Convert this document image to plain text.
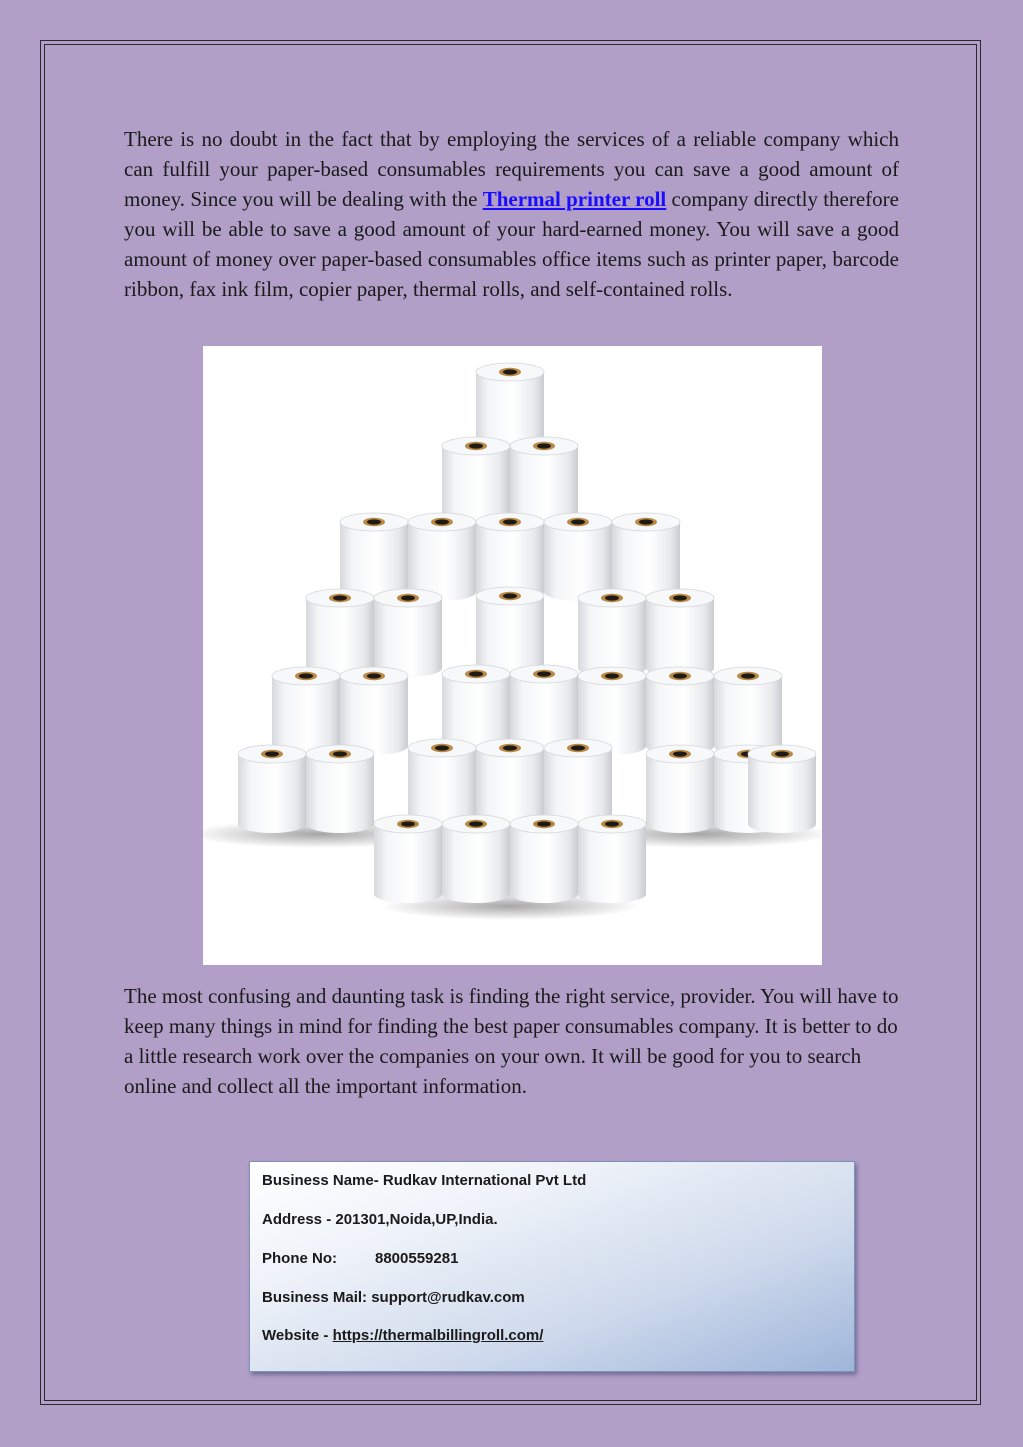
There is no doubt in the fact that by employing the services of a reliable company which can fulfill your paper-based consumables requirements you can save a good amount of money. Since you will be dealing with the Thermal printer roll company directly therefore you will be able to save a good amount of your hard-earned money. You will save a good amount of money over paper-based consumables office items such as printer paper, barcode ribbon, fax ink film, copier paper, thermal rolls, and self-contained rolls.

The most confusing and daunting task is finding the right service, provider. You will have to keep many things in mind for finding the best paper consumables company. It is better to do a little research work over the companies on your own. It will be good for you to search online and collect all the important information.

Business Name- Rudkav International Pvt Ltd

Address - 201301,Noida,UP,India.

Phone No:	8800559281

Business Mail: support@rudkav.com

Website - https://thermalbillingroll.com/
